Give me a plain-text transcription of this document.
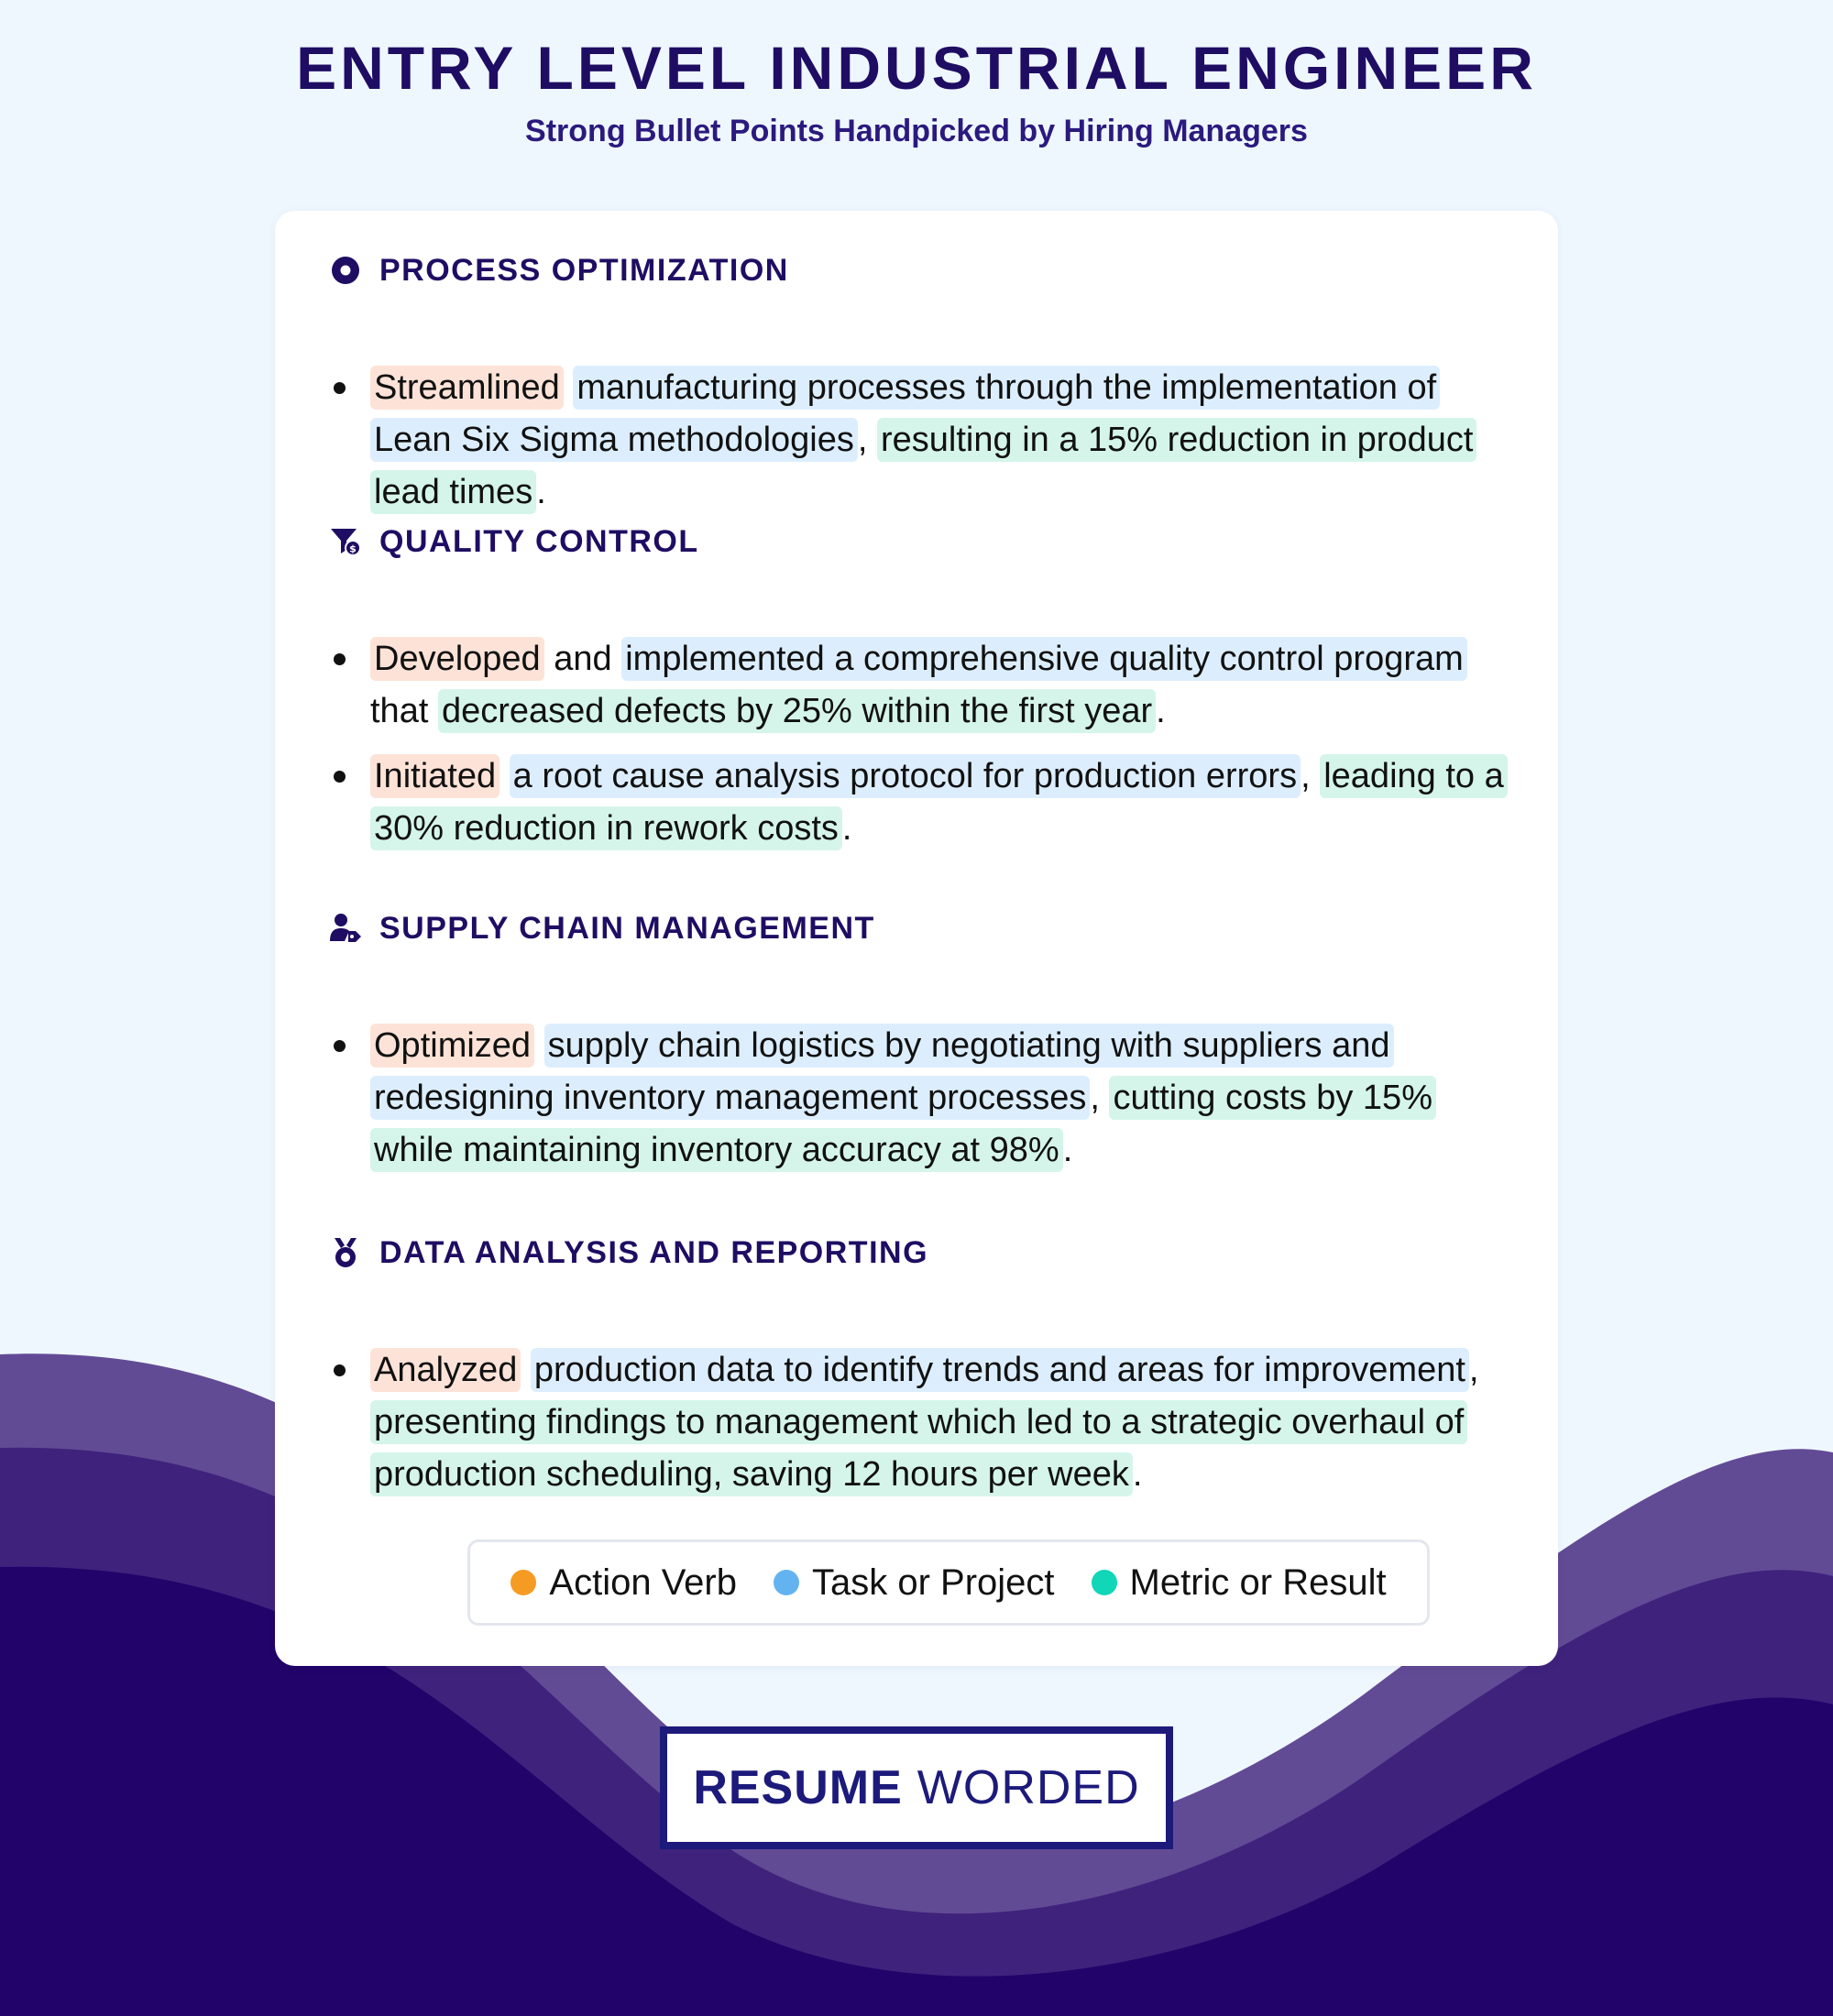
ENTRY LEVEL INDUSTRIAL ENGINEER
Strong Bullet Points Handpicked by Hiring Managers
PROCESS OPTIMIZATION
Streamlined manufacturing processes through the implementation of Lean Six Sigma methodologies , resulting in a 15% reduction in product lead times .
$ QUALITY CONTROL
Developed and implemented a comprehensive quality control program that decreased defects by 25% within the first year .
Initiated a root cause analysis protocol for production errors , leading to a 30% reduction in rework costs .
SUPPLY CHAIN MANAGEMENT
Optimized supply chain logistics by negotiating with suppliers and redesigning inventory management processes , cutting costs by 15% while maintaining inventory accuracy at 98% .
DATA ANALYSIS AND REPORTING
Analyzed production data to identify trends and areas for improvement , presenting findings to management which led to a strategic overhaul of production scheduling, saving 12 hours per week .
Action Verb Task or Project Metric or Result
RESUME WORDED
